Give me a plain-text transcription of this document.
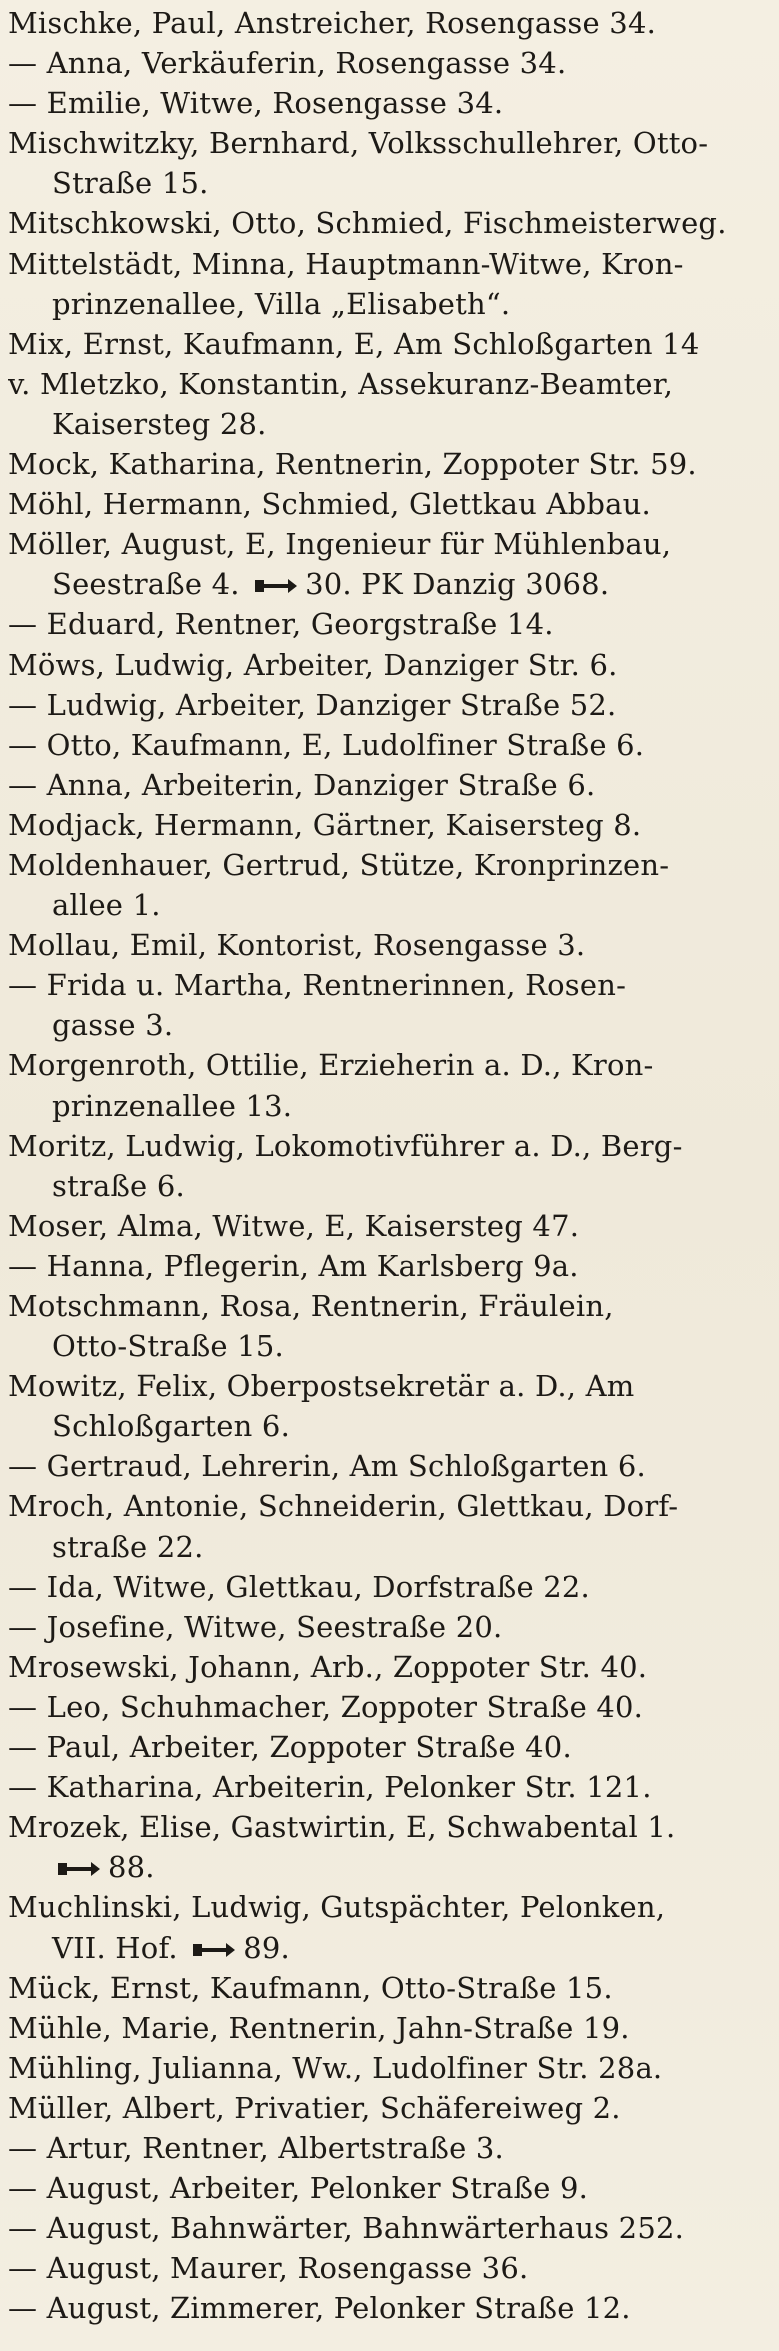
Mischke, Paul, Anstreicher, Rosengasse 34.
— Anna, Verkäuferin, Rosengasse 34.
— Emilie, Witwe, Rosengasse 34.
Mischwitzky, Bernhard, Volksschullehrer, Otto-
Straße 15.
Mitschkowski, Otto, Schmied, Fischmeisterweg.
Mittelstädt, Minna, Hauptmann-Witwe, Kron-
prinzenallee, Villa „Elisabeth“.
Mix, Ernst, Kaufmann, E, Am Schloßgarten 14
v. Mletzko, Konstantin, Assekuranz-Beamter,
Kaisersteg 28.
Mock, Katharina, Rentnerin, Zoppoter Str. 59.
Möhl, Hermann, Schmied, Glettkau Abbau.
Möller, August, E, Ingenieur für Mühlenbau,
Seestraße 4. 30. PK Danzig 3068.
— Eduard, Rentner, Georgstraße 14.
Möws, Ludwig, Arbeiter, Danziger Str. 6.
— Ludwig, Arbeiter, Danziger Straße 52.
— Otto, Kaufmann, E, Ludolfiner Straße 6.
— Anna, Arbeiterin, Danziger Straße 6.
Modjack, Hermann, Gärtner, Kaisersteg 8.
Moldenhauer, Gertrud, Stütze, Kronprinzen-
allee 1.
Mollau, Emil, Kontorist, Rosengasse 3.
— Frida u. Martha, Rentnerinnen, Rosen-
gasse 3.
Morgenroth, Ottilie, Erzieherin a. D., Kron-
prinzenallee 13.
Moritz, Ludwig, Lokomotivführer a. D., Berg-
straße 6.
Moser, Alma, Witwe, E, Kaisersteg 47.
— Hanna, Pflegerin, Am Karlsberg 9a.
Motschmann, Rosa, Rentnerin, Fräulein,
Otto-Straße 15.
Mowitz, Felix, Oberpostsekretär a. D., Am
Schloßgarten 6.
— Gertraud, Lehrerin, Am Schloßgarten 6.
Mroch, Antonie, Schneiderin, Glettkau, Dorf-
straße 22.
— Ida, Witwe, Glettkau, Dorfstraße 22.
— Josefine, Witwe, Seestraße 20.
Mrosewski, Johann, Arb., Zoppoter Str. 40.
— Leo, Schuhmacher, Zoppoter Straße 40.
— Paul, Arbeiter, Zoppoter Straße 40.
— Katharina, Arbeiterin, Pelonker Str. 121.
Mrozek, Elise, Gastwirtin, E, Schwabental 1.
88.
Muchlinski, Ludwig, Gutspächter, Pelonken,
VII. Hof. 89.
Mück, Ernst, Kaufmann, Otto-Straße 15.
Mühle, Marie, Rentnerin, Jahn-Straße 19.
Mühling, Julianna, Ww., Ludolfiner Str. 28a.
Müller, Albert, Privatier, Schäfereiweg 2.
— Artur, Rentner, Albertstraße 3.
— August, Arbeiter, Pelonker Straße 9.
— August, Bahnwärter, Bahnwärterhaus 252.
— August, Maurer, Rosengasse 36.
— August, Zimmerer, Pelonker Straße 12.
